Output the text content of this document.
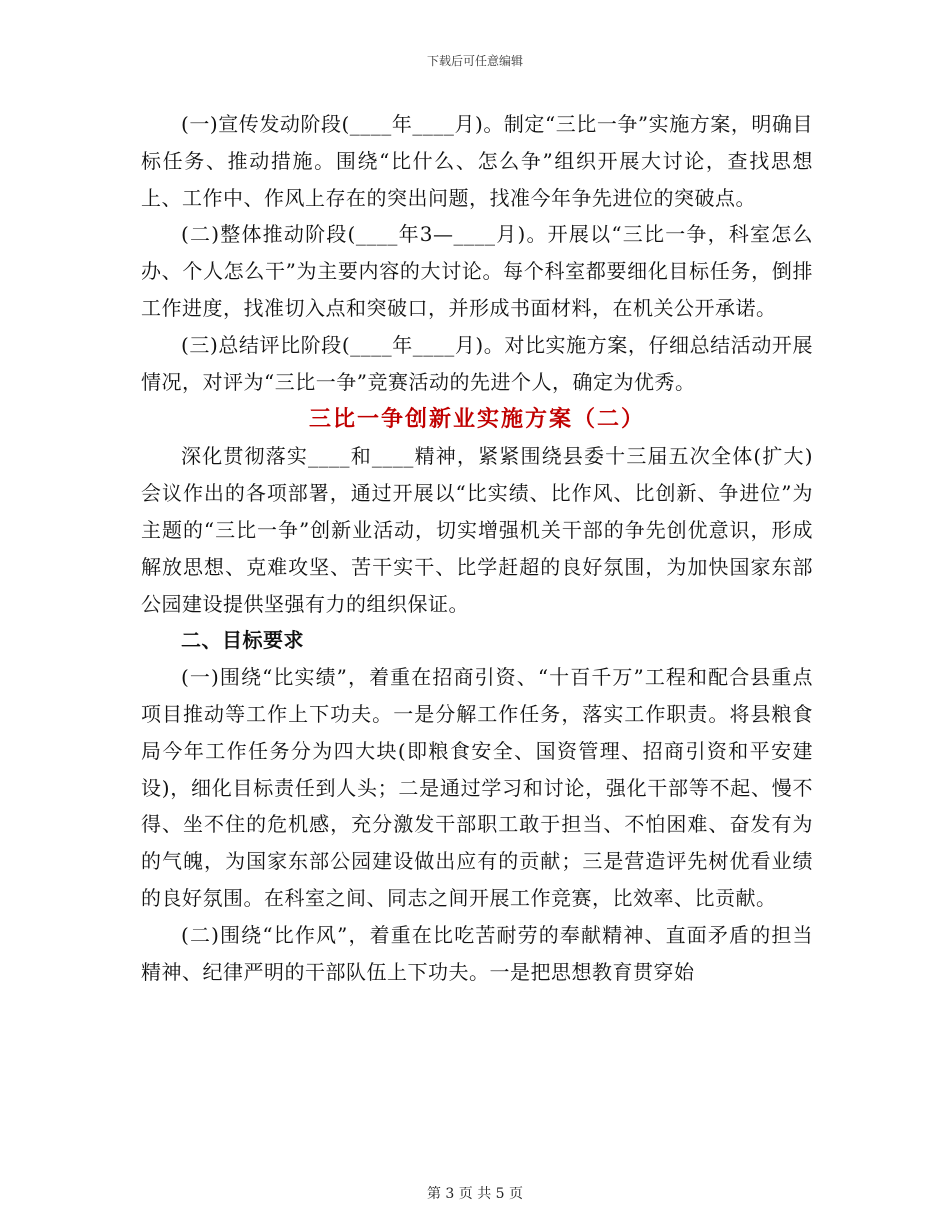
下载后可任意编辑

(一)宣传发动阶段(____年____月)。制定“三比一争”实施方案，明确目标任务、推动措施。围绕“比什么、怎么争”组织开展大讨论，查找思想上、工作中、作风上存在的突出问题，找准今年争先进位的突破点。

(二)整体推动阶段(____年3—____月)。开展以“三比一争，科室怎么办、个人怎么干”为主要内容的大讨论。每个科室都要细化目标任务，倒排工作进度，找准切入点和突破口，并形成书面材料，在机关公开承诺。

(三)总结评比阶段(____年____月)。对比实施方案，仔细总结活动开展情况，对评为“三比一争”竞赛活动的先进个人，确定为优秀。

三比一争创新业实施方案（二）

深化贯彻落实____和____精神，紧紧围绕县委十三届五次全体(扩大)会议作出的各项部署，通过开展以“比实绩、比作风、比创新、争进位”为主题的“三比一争”创新业活动，切实增强机关干部的争先创优意识，形成解放思想、克难攻坚、苦干实干、比学赶超的良好氛围，为加快国家东部公园建设提供坚强有力的组织保证。

二、目标要求

(一)围绕“比实绩”，着重在招商引资、“十百千万”工程和配合县重点项目推动等工作上下功夫。一是分解工作任务，落实工作职责。将县粮食局今年工作任务分为四大块(即粮食安全、国资管理、招商引资和平安建设)，细化目标责任到人头；二是通过学习和讨论，强化干部等不起、慢不得、坐不住的危机感，充分激发干部职工敢于担当、不怕困难、奋发有为的气魄，为国家东部公园建设做出应有的贡献；三是营造评先树优看业绩的良好氛围。在科室之间、同志之间开展工作竞赛，比效率、比贡献。

(二)围绕“比作风”，着重在比吃苦耐劳的奉献精神、直面矛盾的担当精神、纪律严明的干部队伍上下功夫。一是把思想教育贯穿始

第 3 页 共 5 页
